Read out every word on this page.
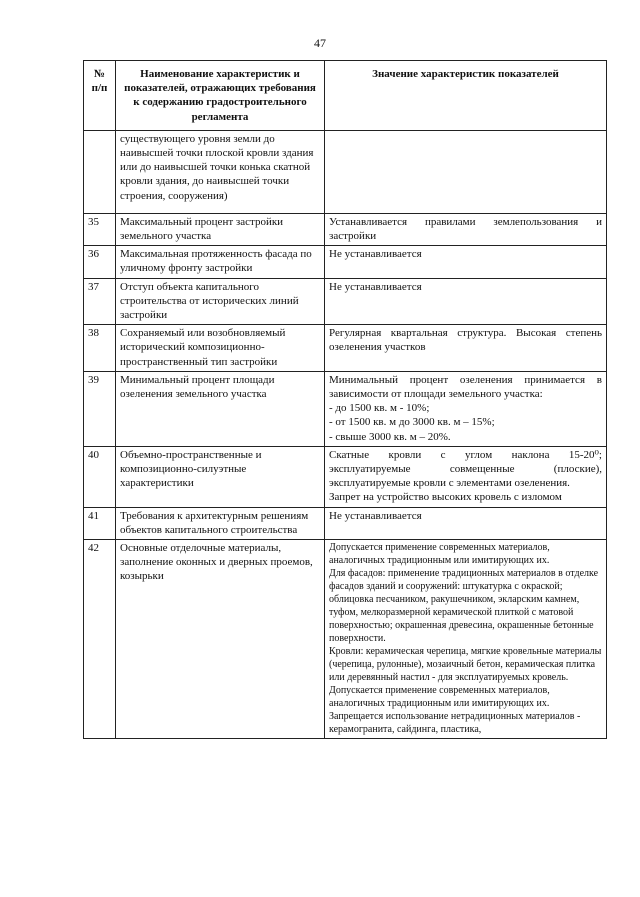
47
№ п/п	Наименование характеристик и показателей, отражающих требования к содержанию градостроительного регламента	Значение характеристик показателей
	существующего уровня земли до наивысшей точки плоской кровли здания или до наивысшей точки конька скатной кровли здания, до наивысшей точки строения, сооружения)	
35	Максимальный процент застройки земельного участка	Устанавливается правилами землепользования и застройки

36	Максимальная протяженность фасада по уличному фронту застройки	Не устанавливается

37	Отступ объекта капитального строительства от исторических линий застройки	Не устанавливается

38	Сохраняемый или возобновляемый исторический композиционно-пространственный тип застройки	Регулярная квартальная структура. Высокая степень озеленения участков

39	Минимальный процент площади озеленения земельного участка	Минимальный процент озеленения принимается в зависимости от площади земельного участка:
- до 1500 кв. м - 10%;
- от 1500 кв. м до 3000 кв. м – 15%;
- свыше 3000 кв. м – 20%.

40	Объемно-пространственные и композиционно-силуэтные характеристики	Скатные кровли с углом наклона 15-20⁰; эксплуатируемые совмещенные (плоские), эксплуатируемые кровли с элементами озеленения.
Запрет на устройство высоких кровель с изломом

41	Требования к архитектурным решениям объектов капитального строительства	Не устанавливается

42	Основные отделочные материалы, заполнение оконных и дверных проемов, козырьки	Допускается применение современных материалов, аналогичных традиционным или имитирующих их.
Для фасадов: применение традиционных материалов в отделке фасадов зданий и сооружений: штукатурка с окраской; облицовка песчаником, ракушечником, экларским камнем, туфом, мелкоразмерной керамической плиткой с матовой поверхностью; окрашенная древесина, окрашенные бетонные поверхности.
Кровли: керамическая черепица, мягкие кровельные материалы (черепица, рулонные), мозаичный бетон, керамическая плитка или деревянный настил - для эксплуатируемых кровель.
Допускается применение современных материалов, аналогичных традиционным или имитирующих их.
Запрещается использование нетрадиционных материалов - керамогранита, сайдинга, пластика,
